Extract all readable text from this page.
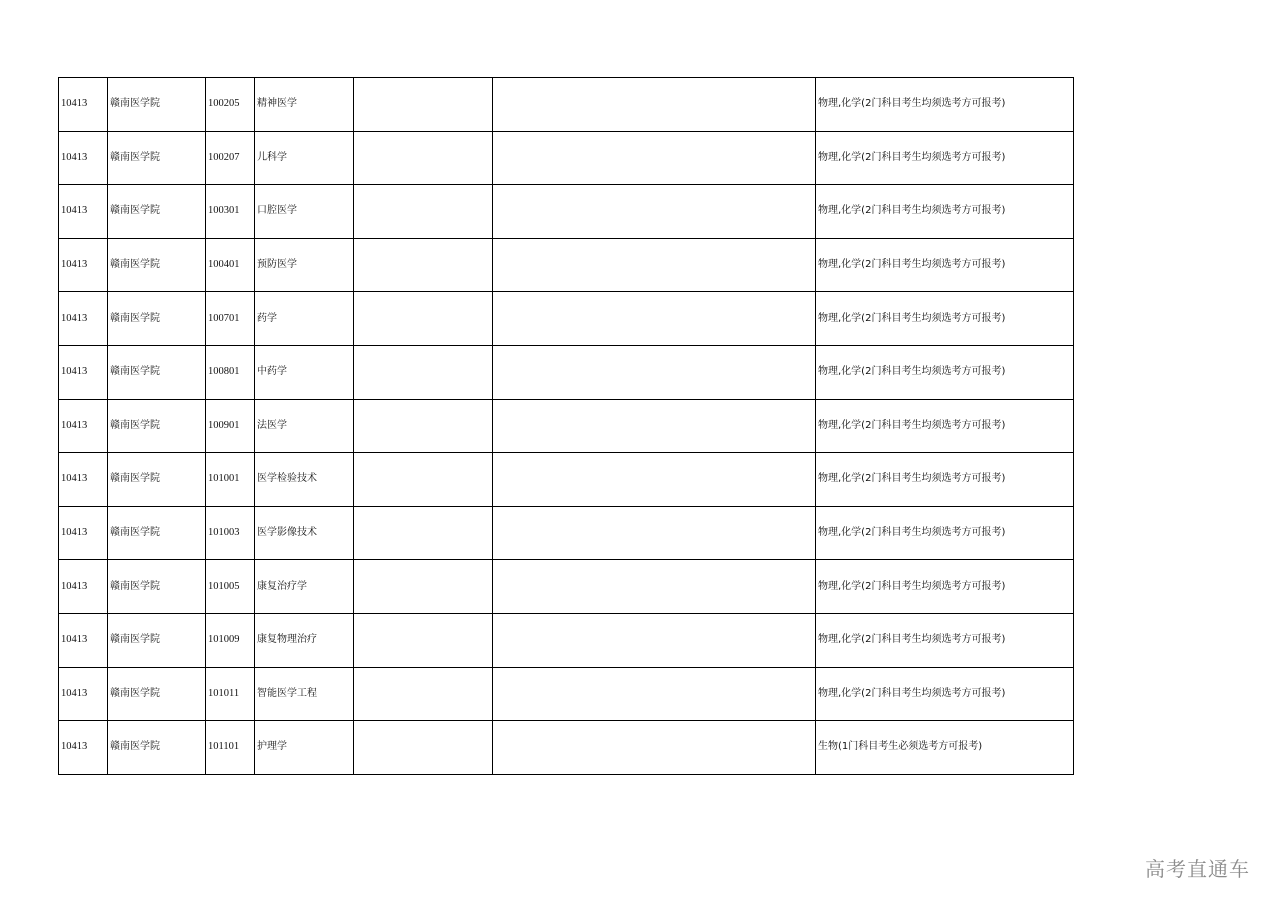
10413	赣南医学院	100205	精神医学			物理,化学(2门科目考生均须选考方可报考)
10413	赣南医学院	100207	儿科学			物理,化学(2门科目考生均须选考方可报考)
10413	赣南医学院	100301	口腔医学			物理,化学(2门科目考生均须选考方可报考)
10413	赣南医学院	100401	预防医学			物理,化学(2门科目考生均须选考方可报考)
10413	赣南医学院	100701	药学			物理,化学(2门科目考生均须选考方可报考)
10413	赣南医学院	100801	中药学			物理,化学(2门科目考生均须选考方可报考)
10413	赣南医学院	100901	法医学			物理,化学(2门科目考生均须选考方可报考)
10413	赣南医学院	101001	医学检验技术			物理,化学(2门科目考生均须选考方可报考)
10413	赣南医学院	101003	医学影像技术			物理,化学(2门科目考生均须选考方可报考)
10413	赣南医学院	101005	康复治疗学			物理,化学(2门科目考生均须选考方可报考)
10413	赣南医学院	101009	康复物理治疗			物理,化学(2门科目考生均须选考方可报考)
10413	赣南医学院	101011	智能医学工程			物理,化学(2门科目考生均须选考方可报考)
10413	赣南医学院	101101	护理学			生物(1门科目考生必须选考方可报考)
高考直通车
